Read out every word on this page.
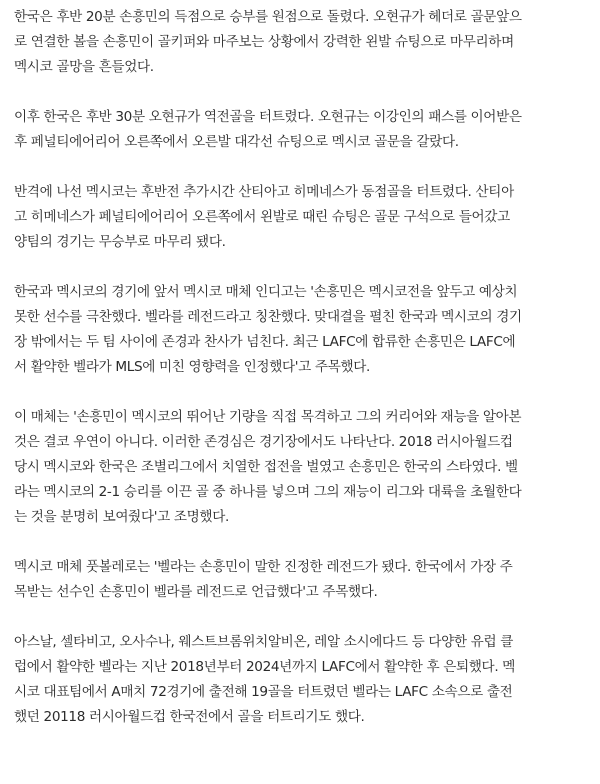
한국은 후반 20분 손흥민의 득점으로 승부를 원점으로 돌렸다. 오현규가 헤더로 골문앞으
로 연결한 볼을 손흥민이 골키퍼와 마주보는 상황에서 강력한 왼발 슈팅으로 마무리하며
멕시코 골망을 흔들었다.

이후 한국은 후반 30분 오현규가 역전골을 터트렸다. 오현규는 이강인의 패스를 이어받은
후 페널티에어리어 오른쪽에서 오른발 대각선 슈팅으로 멕시코 골문을 갈랐다.

반격에 나선 멕시코는 후반전 추가시간 산티아고 히메네스가 동점골을 터트렸다. 산티아
고 히메네스가 페널티에어리어 오른쪽에서 왼발로 때린 슈팅은 골문 구석으로 들어갔고
양팀의 경기는 무승부로 마무리 됐다.

한국과 멕시코의 경기에 앞서 멕시코 매체 인디고는 '손흥민은 멕시코전을 앞두고 예상치
못한 선수를 극찬했다. 벨라를 레전드라고 칭찬했다. 맞대결을 펼친 한국과 멕시코의 경기
장 밖에서는 두 팀 사이에 존경과 찬사가 넘친다. 최근 LAFC에 합류한 손흥민은 LAFC에
서 활약한 벨라가 MLS에 미친 영향력을 인정했다'고 주목했다.

이 매체는 '손흥민이 멕시코의 뛰어난 기량을 직접 목격하고 그의 커리어와 재능을 알아본
것은 결코 우연이 아니다. 이러한 존경심은 경기장에서도 나타난다. 2018 러시아월드컵
당시 멕시코와 한국은 조별리그에서 치열한 접전을 벌였고 손흥민은 한국의 스타였다. 벨
라는 멕시코의 2-1 승리를 이끈 골 중 하나를 넣으며 그의 재능이 리그와 대륙을 초월한다
는 것을 분명히 보여줬다'고 조명했다.

멕시코 매체 풋볼레로는 '벨라는 손흥민이 말한 진정한 레전드가 됐다. 한국에서 가장 주
목받는 선수인 손흥민이 벨라를 레전드로 언급했다'고 주목했다.

아스날, 셀타비고, 오사수나, 웨스트브롬위치알비온, 레알 소시에다드 등 다양한 유럽 클
럽에서 활약한 벨라는 지난 2018년부터 2024년까지 LAFC에서 활약한 후 은퇴했다. 멕
시코 대표팀에서 A매치 72경기에 출전해 19골을 터트렸던 벨라는 LAFC 소속으로 출전
했던 20118 러시아월드컵 한국전에서 골을 터트리기도 했다.
